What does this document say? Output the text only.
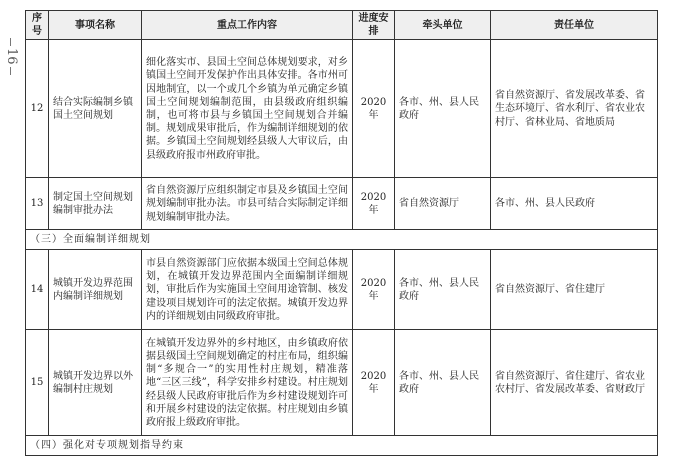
16
序号	事项名称	重点工作内容	进度安排	牵头单位	责任单位
12	结合实际编制乡镇国土空间规划	细化落实市、县国土空间总体规划要求，对乡镇国土空间开发保护作出具体安排。各市州可因地制宜，以一个或几个乡镇为单元确定乡镇国土空间规划编制范围，由县级政府组织编制，也可将市县与乡镇国土空间规划合并编制。规划成果审批后，作为编制详细规划的依据。乡镇国土空间规划经县级人大审议后，由县级政府报市州政府审批。	2020 年	各市、州、县人民政府	省自然资源厅、省发展改革委、省生态环境厅、省水利厅、省农业农村厅、省林业局、省地质局
13	制定国土空间规划编制审批办法	省自然资源厅应组织制定市县及乡镇国土空间规划编制审批办法。市县可结合实际制定详细规划编制审批办法。	2020 年	省自然资源厅	各市、州、县人民政府
（三）全面编制详细规划					
14	城镇开发边界范围内编制详细规划	市县自然资源部门应依据本级国土空间总体规划，在城镇开发边界范围内全面编制详细规划，审批后作为实施国土空间用途管制、核发建设项目规划许可的法定依据。城镇开发边界内的详细规划由同级政府审批。	2020 年	各市、州、县人民政府	省自然资源厅、省住建厅
15	城镇开发边界以外编制村庄规划	在城镇开发边界外的乡村地区，由乡镇政府依据县级国土空间规划确定的村庄布局，组织编制“多规合一”的实用性村庄规划，精准落地“三区三线”，科学安排乡村建设。村庄规划经县级人民政府审批后作为乡村建设规划许可和开展乡村建设的法定依据。村庄规划由乡镇政府报上级政府审批。	2020 年	各市、州、县人民政府	省自然资源厅、省住建厅、省农业农村厅、省发展改革委、省财政厅
（四）强化对专项规划指导约束					
